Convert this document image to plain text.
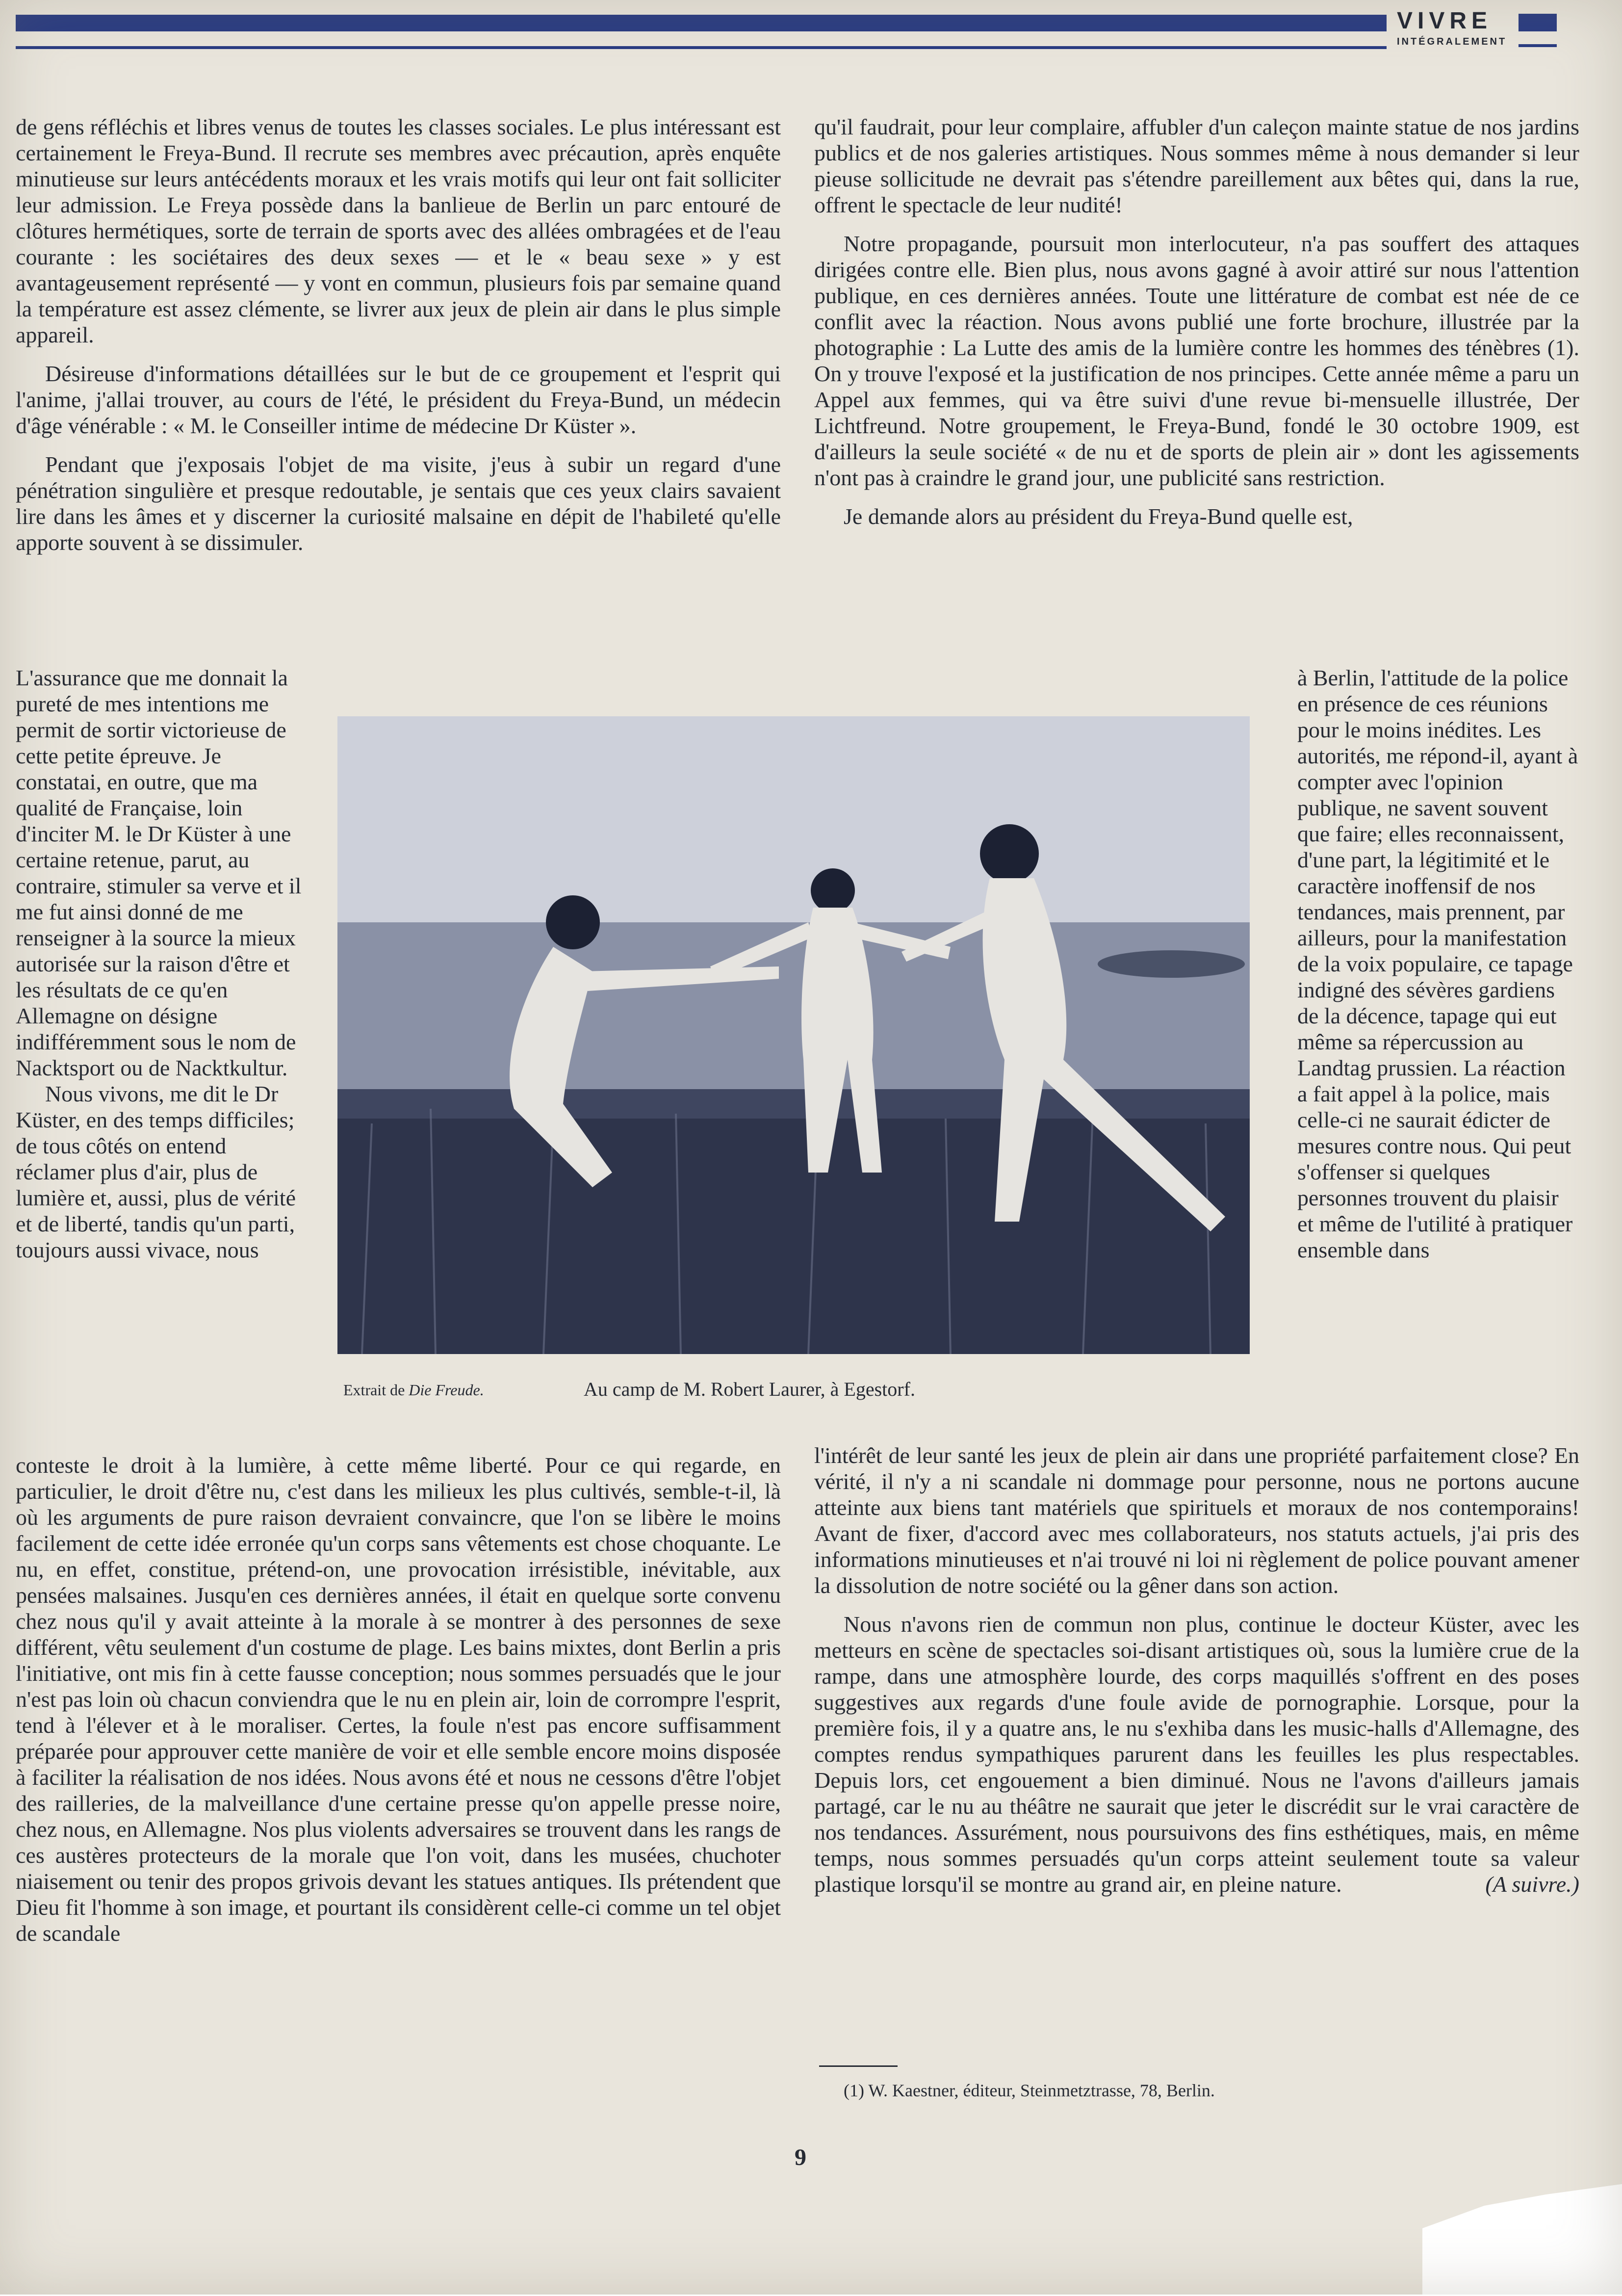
VIVRE
INTÉGRALEMENT

de gens réfléchis et libres venus de toutes les classes sociales. Le plus intéressant est certainement le Freya-Bund. Il recrute ses membres avec précaution, après enquête minutieuse sur leurs antécédents moraux et les vrais motifs qui leur ont fait solliciter leur admission. Le Freya possède dans la banlieue de Berlin un parc entouré de clôtures hermétiques, sorte de terrain de sports avec des allées ombragées et de l'eau courante : les sociétaires des deux sexes — et le « beau sexe » y est avantageusement représenté — y vont en commun, plusieurs fois par semaine quand la température est assez clémente, se livrer aux jeux de plein air dans le plus simple appareil.

Désireuse d'informations détaillées sur le but de ce groupement et l'esprit qui l'anime, j'allai trouver, au cours de l'été, le président du Freya-Bund, un médecin d'âge vénérable : « M. le Conseiller intime de médecine Dr Küster ».

Pendant que j'exposais l'objet de ma visite, j'eus à subir un regard d'une pénétration singulière et presque redoutable, je sentais que ces yeux clairs savaient lire dans les âmes et y discerner la curiosité malsaine en dépit de l'habileté qu'elle apporte souvent à se dissimuler.

L'assurance que me donnait la pureté de mes intentions me permit de sortir victorieuse de cette petite épreuve. Je constatai, en outre, que ma qualité de Française, loin d'inciter M. le Dr Küster à une certaine retenue, parut, au contraire, stimuler sa verve et il me fut ainsi donné de me renseigner à la source la mieux autorisée sur la raison d'être et les résultats de ce qu'en Allemagne on désigne indifféremment sous le nom de Nacktsport ou de Nacktkultur.

Nous vivons, me dit le Dr Küster, en des temps difficiles; de tous côtés on entend réclamer plus d'air, plus de lumière et, aussi, plus de vérité et de liberté, tandis qu'un parti, toujours aussi vivace, nous

conteste le droit à la lumière, à cette même liberté. Pour ce qui regarde, en particulier, le droit d'être nu, c'est dans les milieux les plus cultivés, semble-t-il, là où les arguments de pure raison devraient convaincre, que l'on se libère le moins facilement de cette idée erronée qu'un corps sans vêtements est chose choquante. Le nu, en effet, constitue, prétend-on, une provocation irrésistible, inévitable, aux pensées malsaines. Jusqu'en ces dernières années, il était en quelque sorte convenu chez nous qu'il y avait atteinte à la morale à se montrer à des personnes de sexe différent, vêtu seulement d'un costume de plage. Les bains mixtes, dont Berlin a pris l'initiative, ont mis fin à cette fausse conception; nous sommes persuadés que le jour n'est pas loin où chacun conviendra que le nu en plein air, loin de corrompre l'esprit, tend à l'élever et à le moraliser. Certes, la foule n'est pas encore suffisamment préparée pour approuver cette manière de voir et elle semble encore moins disposée à faciliter la réalisation de nos idées. Nous avons été et nous ne cessons d'être l'objet des railleries, de la malveillance d'une certaine presse qu'on appelle presse noire, chez nous, en Allemagne. Nos plus violents adversaires se trouvent dans les rangs de ces austères protecteurs de la morale que l'on voit, dans les musées, chuchoter niaisement ou tenir des propos grivois devant les statues antiques. Ils prétendent que Dieu fit l'homme à son image, et pourtant ils considèrent celle-ci comme un tel objet de scandale

qu'il faudrait, pour leur complaire, affubler d'un caleçon mainte statue de nos jardins publics et de nos galeries artistiques. Nous sommes même à nous demander si leur pieuse sollicitude ne devrait pas s'étendre pareillement aux bêtes qui, dans la rue, offrent le spectacle de leur nudité!

Notre propagande, poursuit mon interlocuteur, n'a pas souffert des attaques dirigées contre elle. Bien plus, nous avons gagné à avoir attiré sur nous l'attention publique, en ces dernières années. Toute une littérature de combat est née de ce conflit avec la réaction. Nous avons publié une forte brochure, illustrée par la photographie : La Lutte des amis de la lumière contre les hommes des ténèbres (1). On y trouve l'exposé et la justification de nos principes. Cette année même a paru un Appel aux femmes, qui va être suivi d'une revue bi-mensuelle illustrée, Der Lichtfreund. Notre groupement, le Freya-Bund, fondé le 30 octobre 1909, est d'ailleurs la seule société « de nu et de sports de plein air » dont les agissements n'ont pas à craindre le grand jour, une publicité sans restriction.

Je demande alors au président du Freya-Bund quelle est,

à Berlin, l'attitude de la police en présence de ces réunions pour le moins inédites. Les autorités, me répond-il, ayant à compter avec l'opinion publique, ne savent souvent que faire; elles reconnaissent, d'une part, la légitimité et le caractère inoffensif de nos tendances, mais prennent, par ailleurs, pour la manifestation de la voix populaire, ce tapage indigné des sévères gardiens de la décence, tapage qui eut même sa répercussion au Landtag prussien. La réaction a fait appel à la police, mais celle-ci ne saurait édicter de mesures contre nous. Qui peut s'offenser si quelques personnes trouvent du plaisir et même de l'utilité à pratiquer ensemble dans

l'intérêt de leur santé les jeux de plein air dans une propriété parfaitement close? En vérité, il n'y a ni scandale ni dommage pour personne, nous ne portons aucune atteinte aux biens tant matériels que spirituels et moraux de nos contemporains! Avant de fixer, d'accord avec mes collaborateurs, nos statuts actuels, j'ai pris des informations minutieuses et n'ai trouvé ni loi ni règlement de police pouvant amener la dissolution de notre société ou la gêner dans son action.

Nous n'avons rien de commun non plus, continue le docteur Küster, avec les metteurs en scène de spectacles soi-disant artistiques où, sous la lumière crue de la rampe, dans une atmosphère lourde, des corps maquillés s'offrent en des poses suggestives aux regards d'une foule avide de pornographie. Lorsque, pour la première fois, il y a quatre ans, le nu s'exhiba dans les music-halls d'Allemagne, des comptes rendus sympathiques parurent dans les feuilles les plus respectables. Depuis lors, cet engouement a bien diminué. Nous ne l'avons d'ailleurs jamais partagé, car le nu au théâtre ne saurait que jeter le discrédit sur le vrai caractère de nos tendances. Assurément, nous poursuivons des fins esthétiques, mais, en même temps, nous sommes persuadés qu'un corps atteint seulement toute sa valeur plastique lorsqu'il se montre au grand air, en pleine nature.	(A suivre.)

Extrait de Die Freude.	Au camp de M. Robert Laurer, à Egestorf.
(1) W. Kaestner, éditeur, Steinmetztrasse, 78, Berlin.
9
